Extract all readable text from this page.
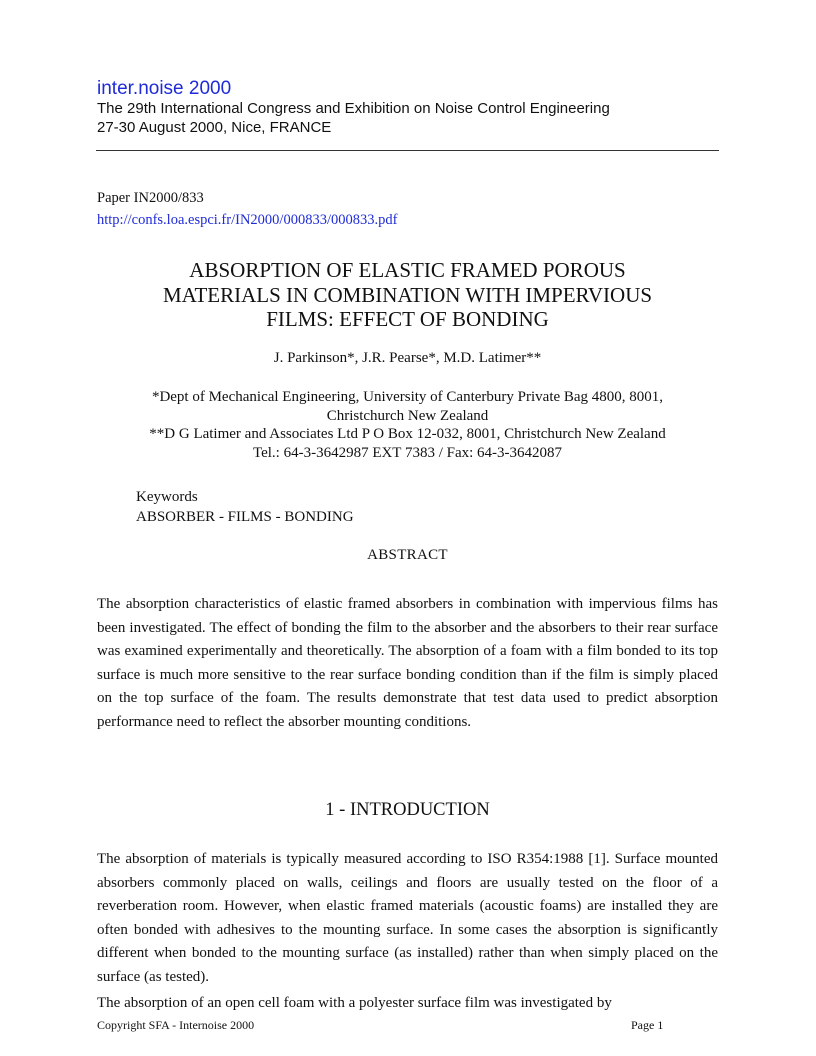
inter.noise 2000
The 29th International Congress and Exhibition on Noise Control Engineering
27-30 August 2000, Nice, FRANCE
Paper IN2000/833
http://confs.loa.espci.fr/IN2000/000833/000833.pdf
ABSORPTION OF ELASTIC FRAMED POROUS
MATERIALS IN COMBINATION WITH IMPERVIOUS
FILMS: EFFECT OF BONDING
J. Parkinson*, J.R. Pearse*, M.D. Latimer**
*Dept of Mechanical Engineering, University of Canterbury Private Bag 4800, 8001,
Christchurch New Zealand
**D G Latimer and Associates Ltd P O Box 12-032, 8001, Christchurch New Zealand
Tel.: 64-3-3642987 EXT 7383 / Fax: 64-3-3642087
Keywords
ABSORBER - FILMS - BONDING
ABSTRACT
The absorption characteristics of elastic framed absorbers in combination with impervious films has been investigated. The effect of bonding the film to the absorber and the absorbers to their rear surface was examined experimentally and theoretically. The absorption of a foam with a film bonded to its top surface is much more sensitive to the rear surface bonding condition than if the film is simply placed on the top surface of the foam. The results demonstrate that test data used to predict absorption performance need to reflect the absorber mounting conditions.
1 - INTRODUCTION
The absorption of materials is typically measured according to ISO R354:1988 [1]. Surface mounted absorbers commonly placed on walls, ceilings and floors are usually tested on the floor of a reverberation room. However, when elastic framed materials (acoustic foams) are installed they are often bonded with adhesives to the mounting surface. In some cases the absorption is significantly different when bonded to the mounting surface (as installed) rather than when simply placed on the surface (as tested).
The absorption of an open cell foam with a polyester surface film was investigated by
Copyright SFA - Internoise 2000	Page 1
